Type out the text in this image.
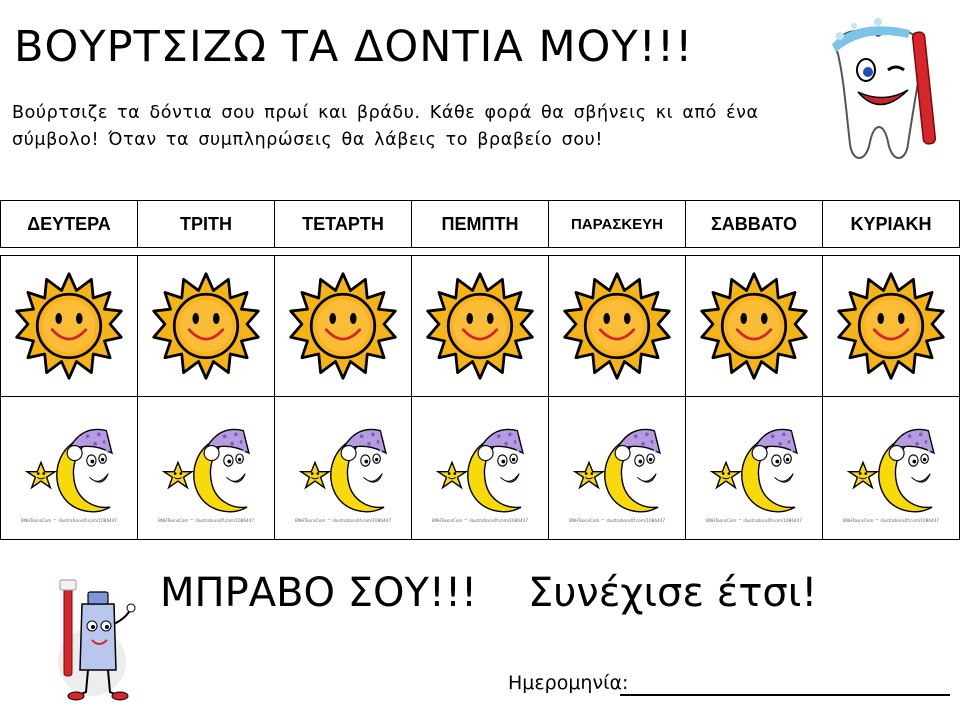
ΒΟΥΡΤΣΙΖΩ ΤΑ ΔΟΝΤΙΑ ΜΟΥ!!!
Βούρτσιζε τα δόντια σου πρωί και βράδυ. Κάθε φορά θα σβήνεις κι από ένα
σύμβολο! Όταν τα συμπληρώσεις θα λάβεις το βραβείο σου!
ΔΕΥΤΕΡΑ	ΤΡΙΤΗ	ΤΕΤΑΡΤΗ	ΠΕΜΠΤΗ	ΠΑΡΑΣΚΕΥΗ	ΣΑΒΒΑΤΟ	ΚΥΡΙΑΚΗ

BNHToonsCom ™ illustrations0f.com/1086447	BNHToonsCom ™ illustrations0f.com/1086447	BNHToonsCom ™ illustrations0f.com/1086447	BNHToonsCom ™ illustrations0f.com/1086447	BNHToonsCom ™ illustrations0f.com/1086447	BNHToonsCom ™ illustrations0f.com/1086447	BNHToonsCom ™ illustrations0f.com/1086447
ΜΠΡΑΒΟ ΣΟΥ!!! Συνέχισε έτσι!
Ημερομηνία:
